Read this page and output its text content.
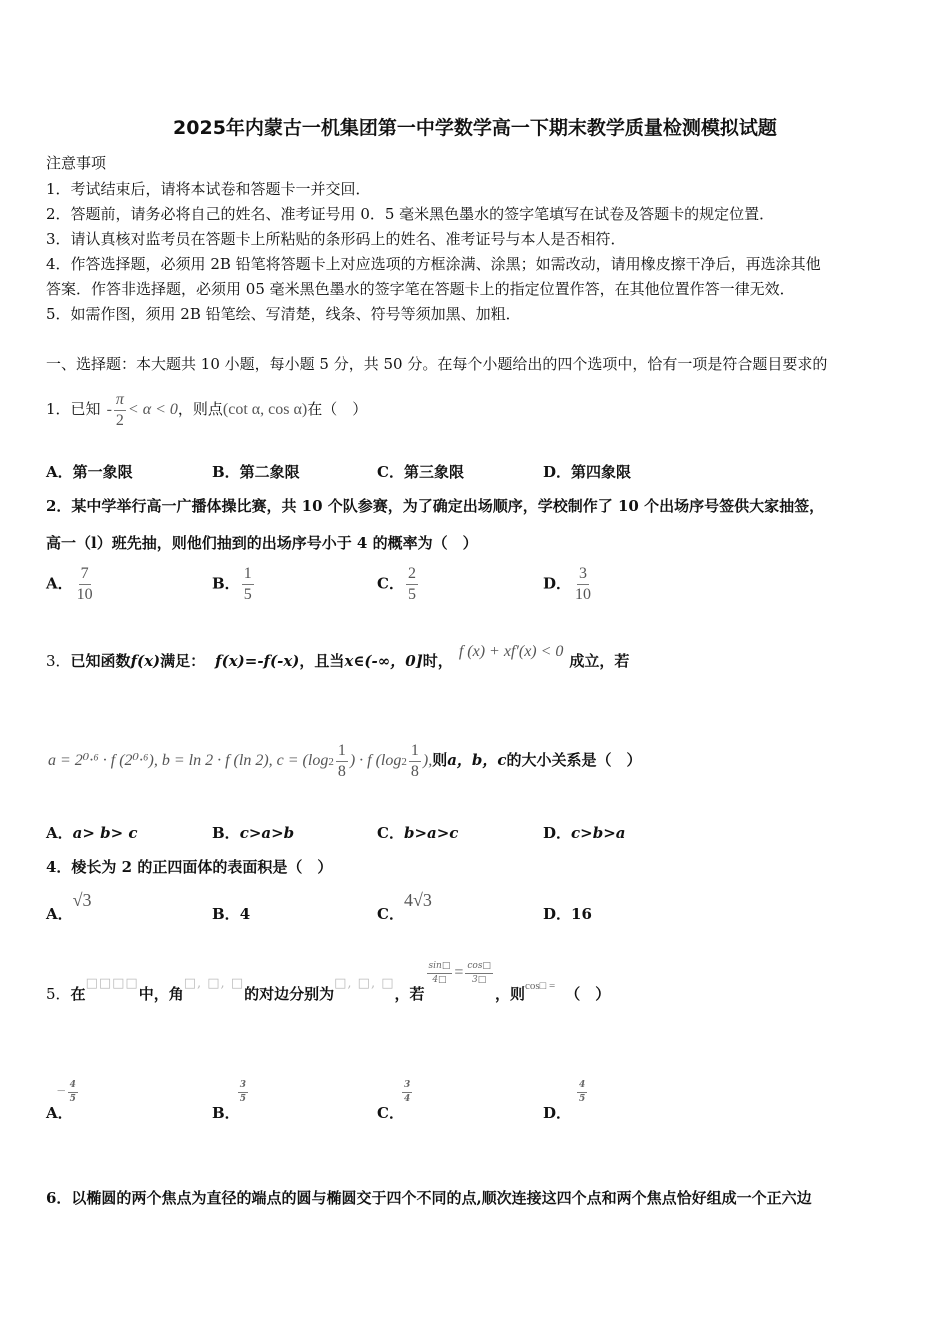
2025年内蒙古一机集团第一中学数学高一下期末教学质量检测模拟试题
注意事项
1．考试结束后，请将本试卷和答题卡一并交回．
2．答题前，请务必将自己的姓名、准考证号用 0．5 毫米黑色墨水的签字笔填写在试卷及答题卡的规定位置．
3．请认真核对监考员在答题卡上所粘贴的条形码上的姓名、准考证号与本人是否相符．
4．作答选择题，必须用 2B 铅笔将答题卡上对应选项的方框涂满、涂黑；如需改动，请用橡皮擦干净后，再选涂其他
答案．作答非选择题，必须用 05 毫米黑色墨水的签字笔在答题卡上的指定位置作答，在其他位置作答一律无效．
5．如需作图，须用 2B 铅笔绘、写清楚，线条、符号等须加黑、加粗．
一、选择题：本大题共 10 小题，每小题 5 分，共 50 分。在每个小题给出的四个选项中，恰有一项是符合题目要求的
1．已知 - $\frac{\pi}{2} < \alpha < 0$，则点(cot α, cos α)在（　）
A．第一象限	B．第二象限	C．第三象限	D．第四象限
2．某中学举行高一广播体操比赛，共 10 个队参赛，为了确定出场顺序，学校制作了 10 个出场序号签供大家抽签，
高一（l）班先抽，则他们抽到的出场序号小于 4 的概率为（　）
A． $\frac{7}{10}$	B． $\frac{1}{5}$	C． $\frac{2}{5}$	D． $\frac{3}{10}$
3．已知函数f(x)满足： f(x)=-f(-x)，且当x∈(-∞，0]时，f (x) + xf′(x) < 0成立，若
a = 2⁰·⁶ · f (2⁰·⁶), b = ln 2 · f (ln 2), $c = (\log 2 \frac{1}{8}$ ) · f ($\log 2 \frac{1}{8}$ ),则a，b，c的大小关系是（　）
A．a> b> c	B．c>a>b	C．b>a>c	D．c>b>a
4．棱长为 2 的正四面体的表面积是（　）
A．√3
B．4	C．4√3
D．16
5．在□□□□中，角□, □, □的对边分别为□, □, □，若
$\frac{\sin□}{4□} = \frac{\cos□}{3□}$
，则$^{cos□ =}$ （　）
A．− $\frac{4}{5}$
B．
$\frac{3}{5}$
C．
$\frac{3}{4}$
D．
$\frac{4}{5}$
6．以椭圆的两个焦点为直径的端点的圆与椭圆交于四个不同的点,顺次连接这四个点和两个焦点恰好组成一个正六边
